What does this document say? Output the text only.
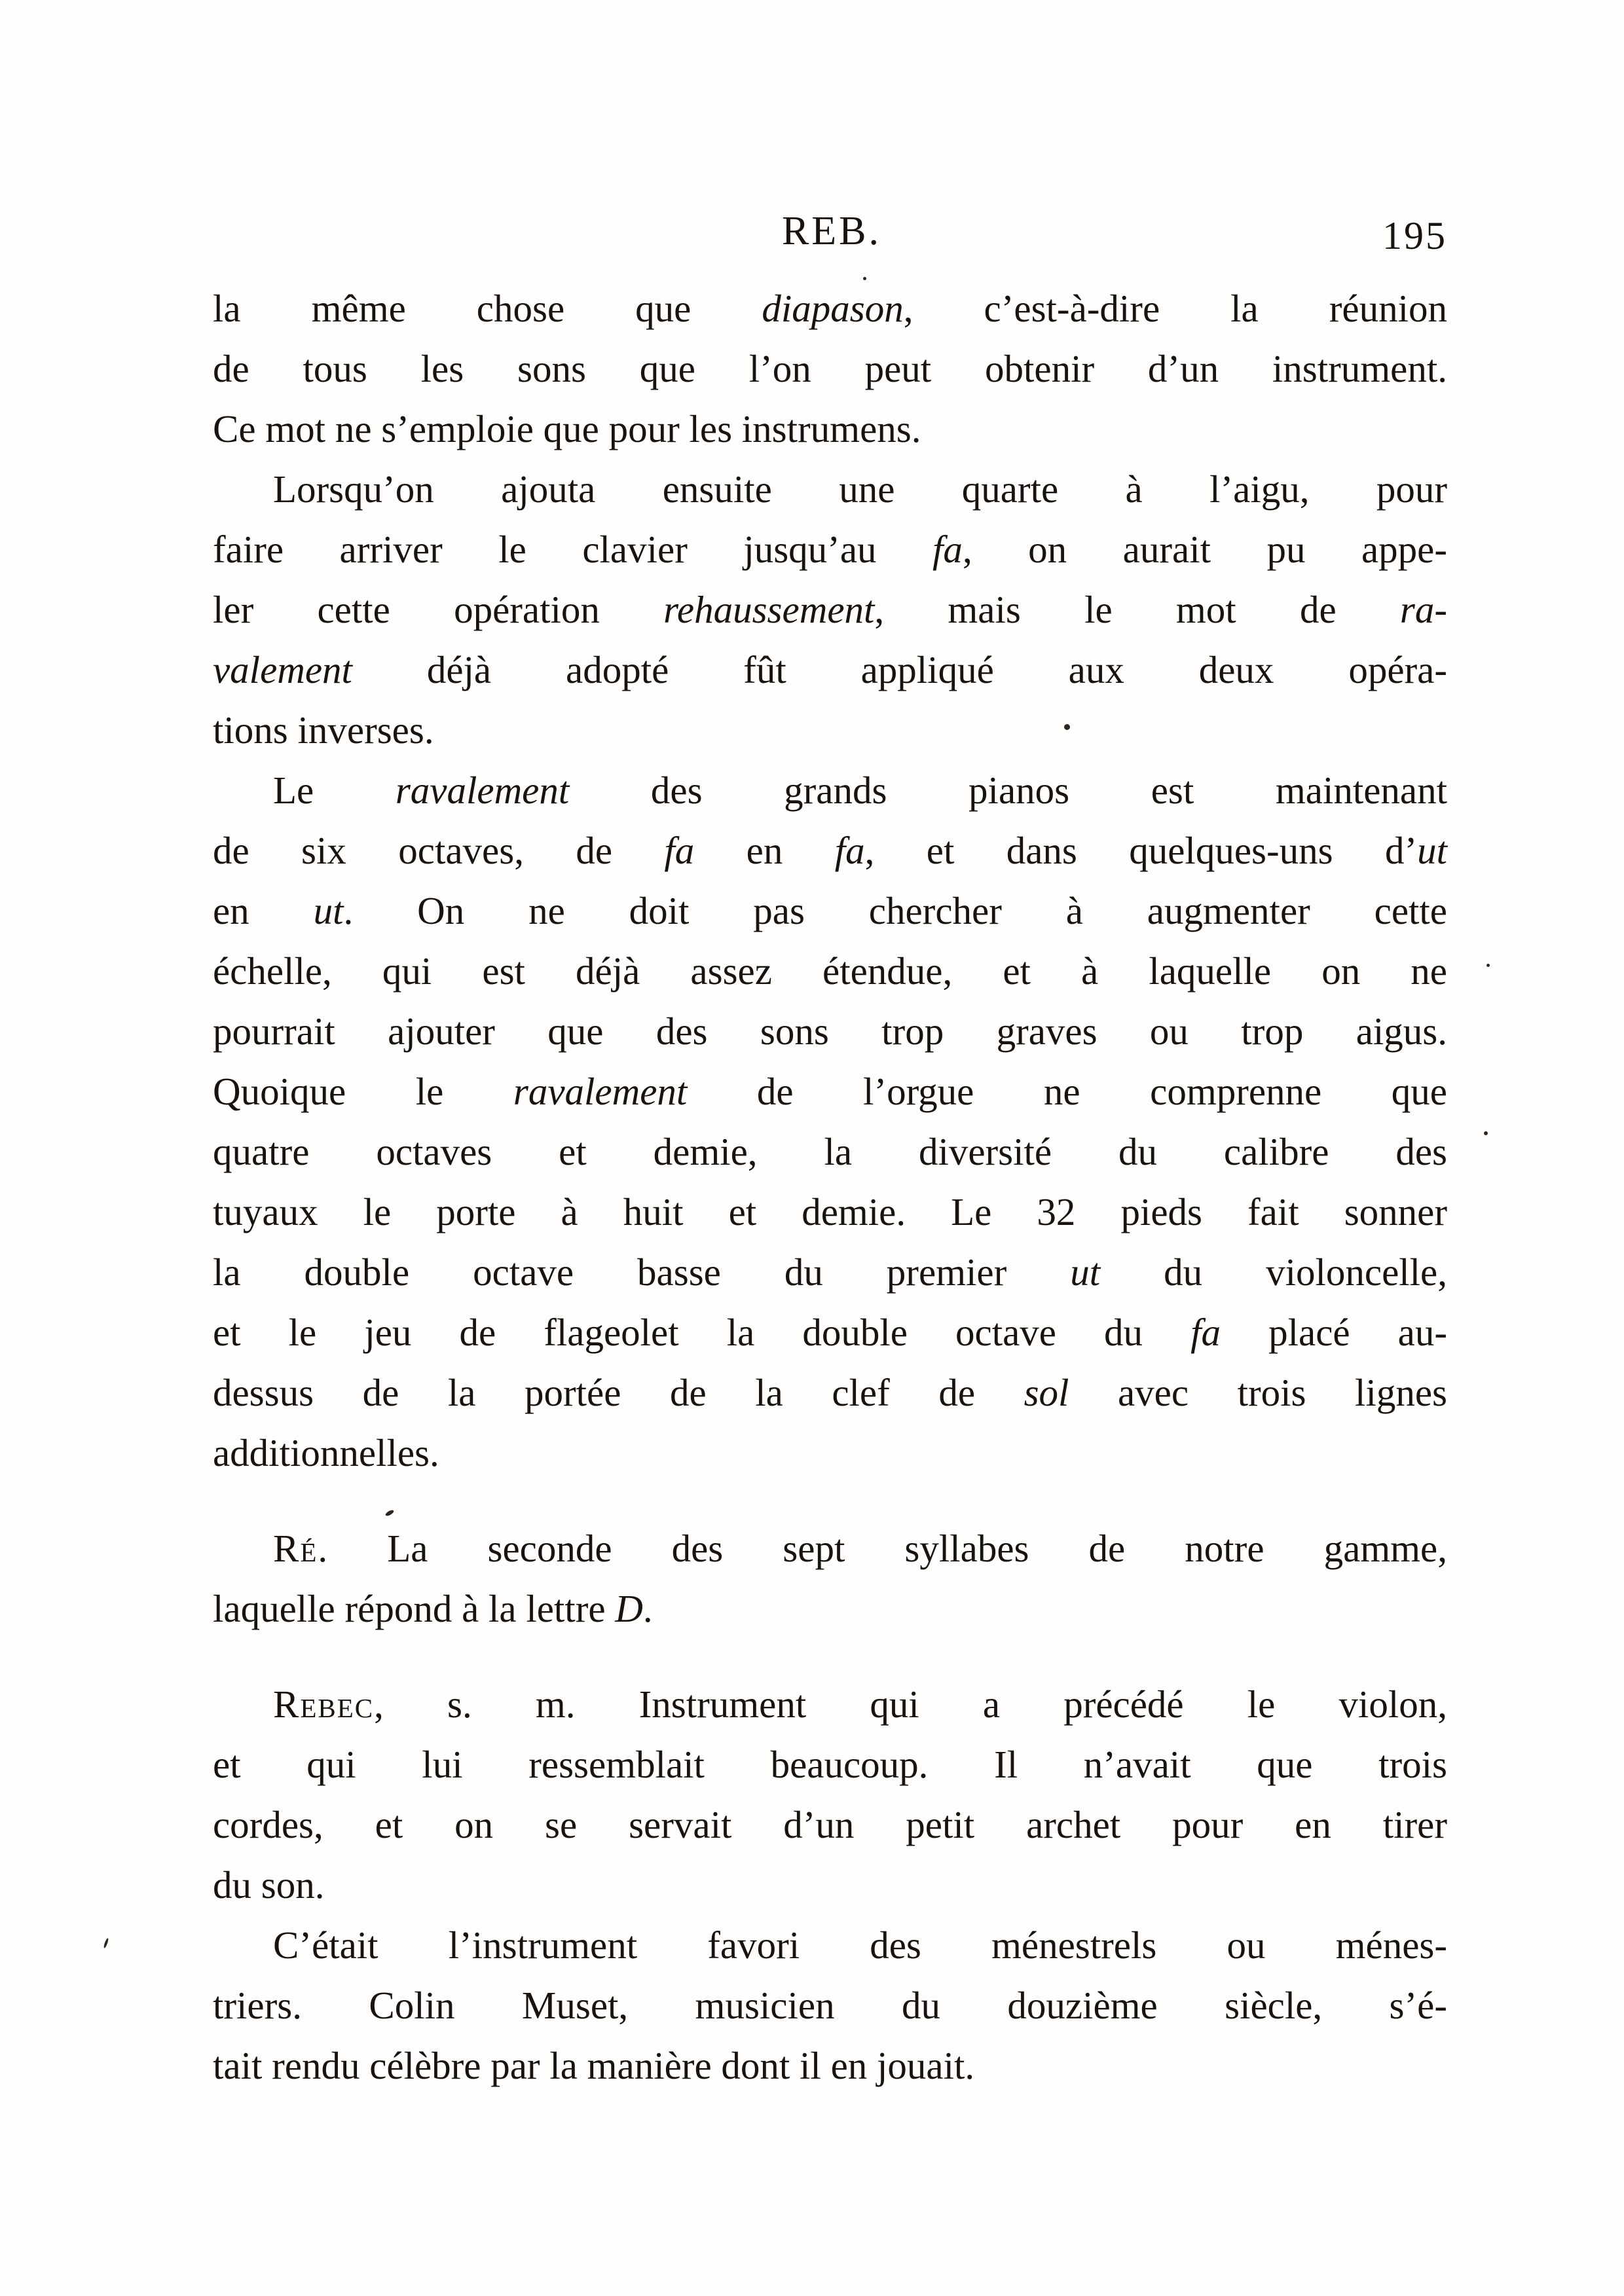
REB.	195
la même chose que diapason, c’est-à-dire la réunion
de tous les sons que l’on peut obtenir d’un instrument.
Ce mot ne s’emploie que pour les instrumens.
Lorsqu’on ajouta ensuite une quarte à l’aigu, pour
faire arriver le clavier jusqu’au fa, on aurait pu appe-
ler cette opération rehaussement, mais le mot de ra-
valement déjà adopté fût appliqué aux deux opéra-
tions inverses.
Le ravalement des grands pianos est maintenant
de six octaves, de fa en fa, et dans quelques-uns d’ut
en ut. On ne doit pas chercher à augmenter cette
échelle, qui est déjà assez étendue, et à laquelle on ne
pourrait ajouter que des sons trop graves ou trop aigus.
Quoique le ravalement de l’orgue ne comprenne que
quatre octaves et demie, la diversité du calibre des
tuyaux le porte à huit et demie. Le 32 pieds fait sonner
la double octave basse du premier ut du violoncelle,
et le jeu de flageolet la double octave du fa placé au-
dessus de la portée de la clef de sol avec trois lignes
additionnelles.
Ré. La seconde des sept syllabes de notre gamme,
laquelle répond à la lettre D.
Rebec, s. m. Instrument qui a précédé le violon,
et qui lui ressemblait beaucoup. Il n’avait que trois
cordes, et on se servait d’un petit archet pour en tirer
du son.
C’était l’instrument favori des ménestrels ou ménes-
triers. Colin Muset, musicien du douzième siècle, s’é-
tait rendu célèbre par la manière dont il en jouait.
